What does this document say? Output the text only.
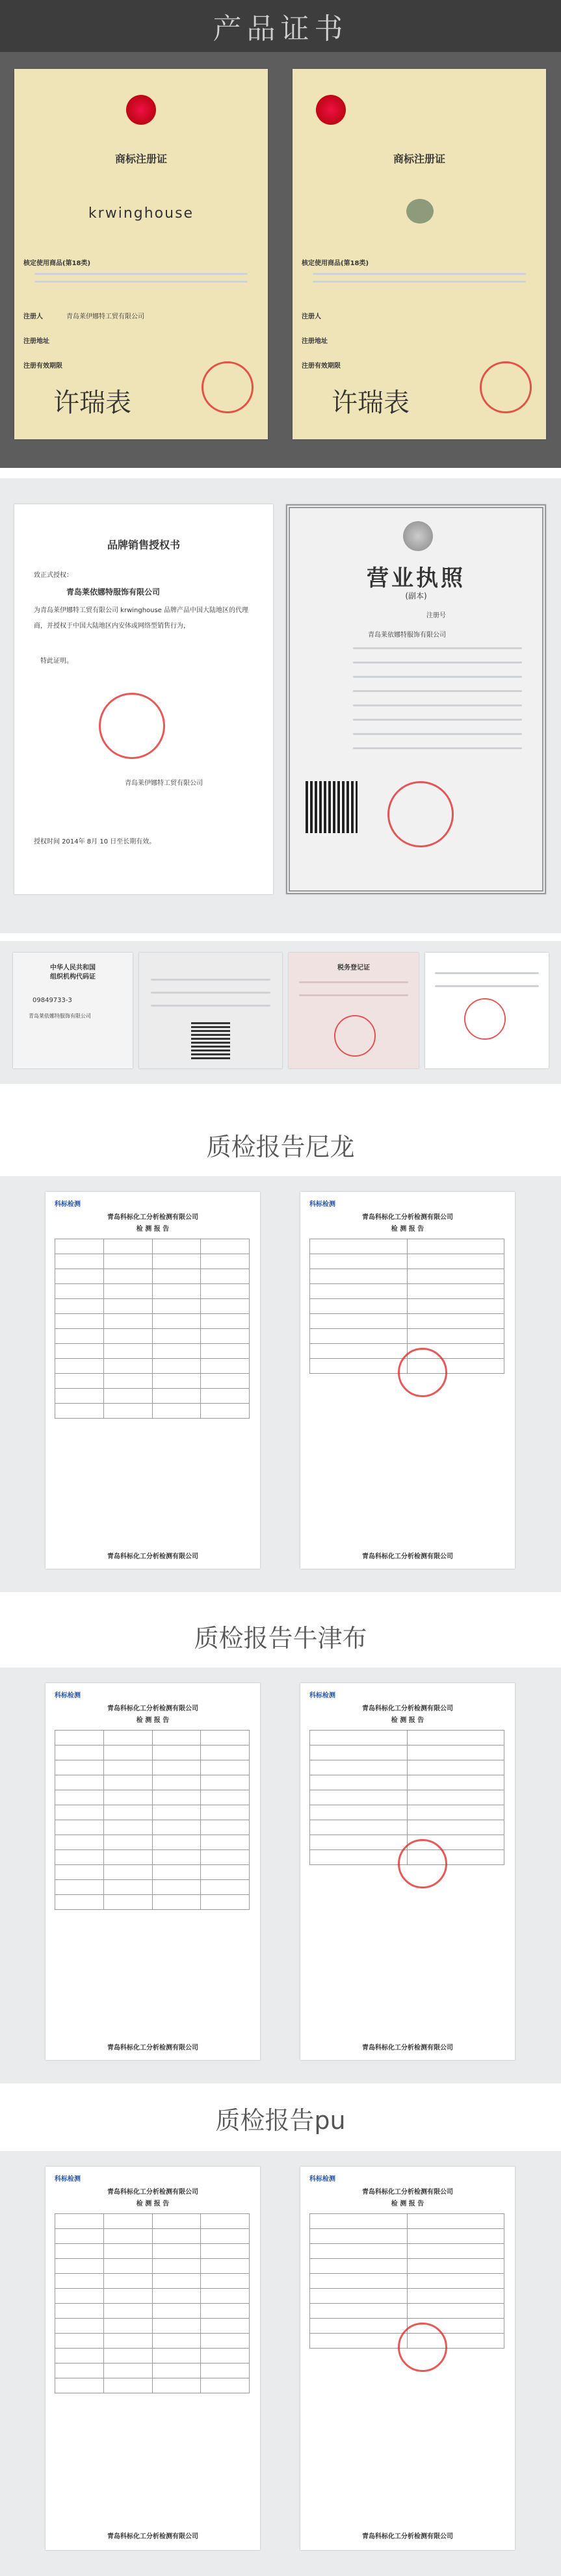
产品证书
商标注册证
krwinghouse
核定使用商品(第18类)
注册人	青岛莱伊娜特工贸有限公司
注册地址
注册有效期限
许瑞表
商标注册证
核定使用商品(第18类)
注册人
注册地址
注册有效期限
许瑞表
品牌销售授权书
致正式授权：
青岛莱依娜特服饰有限公司
为青岛莱伊娜特工贸有限公司 krwinghouse 品牌产品中国大陆地区的代理商，并授权于中国大陆地区内安体或网络型销售行为，
特此证明。
青岛莱伊娜特工贸有限公司
授权时间 2014年 8月 10 日至长期有效。
营业执照
(副本)
注册号
青岛莱依娜特服饰有限公司
中华人民共和国
组织机构代码证
09849733-3
青岛莱依娜特服饰有限公司
税务登记证
质检报告尼龙
科标检测
青岛科标化工分析检测有限公司
检 测 报 告

青岛科标化工分析检测有限公司
科标检测
青岛科标化工分析检测有限公司
检 测 报 告

青岛科标化工分析检测有限公司
质检报告牛津布
科标检测
青岛科标化工分析检测有限公司
检 测 报 告

青岛科标化工分析检测有限公司
科标检测
青岛科标化工分析检测有限公司
检 测 报 告

青岛科标化工分析检测有限公司
质检报告pu
科标检测
青岛科标化工分析检测有限公司
检 测 报 告

青岛科标化工分析检测有限公司
科标检测
青岛科标化工分析检测有限公司
检 测 报 告

青岛科标化工分析检测有限公司
